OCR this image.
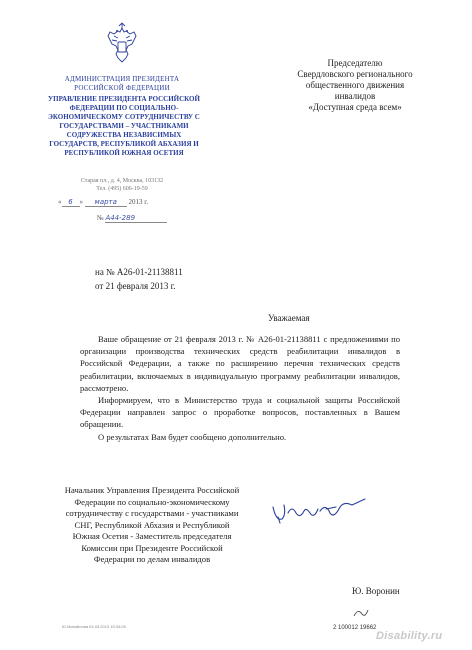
АДМИНИСТРАЦИЯ ПРЕЗИДЕНТА РОССИЙСКОЙ ФЕДЕРАЦИИ
УПРАВЛЕНИЕ ПРЕЗИДЕНТА РОССИЙСКОЙ ФЕДЕРАЦИИ ПО СОЦИАЛЬНО-ЭКОНОМИЧЕСКОМУ СОТРУДНИЧЕСТВУ С ГОСУДАРСТВАМИ – УЧАСТНИКАМИ СОДРУЖЕСТВА НЕЗАВИСИМЫХ ГОСУДАРСТВ, РЕСПУБЛИКОЙ АБХАЗИЯ И РЕСПУБЛИКОЙ ЮЖНАЯ ОСЕТИЯ
Старая пл., д. 4, Москва, 103132
Тел. (495) 606-19-59
« 6 » марта 2013 г.
№ А44-289
Председателю
Свердловского регионального
общественного движения
инвалидов
«Доступная среда всем»
на № А26-01-21138811
от 21 февраля 2013 г.
Уважаемая

Ваше обращение от 21 февраля 2013 г. № А26-01-21138811 с предложениями по организации производства технических средств реабилитации инвалидов в Российской Федерации, а также по расширению перечня технических средств реабилитации, включаемых в индивидуальную программу реабилитации инвалидов, рассмотрено.

Информируем, что в Министерство труда и социальной защиты Российской Федерации направлен запрос о проработке вопросов, поставленных в Вашем обращении.

О результатах Вам будет сообщено дополнительно.

Начальник Управления Президента Российской Федерации по социально-экономическому сотрудничеству с государствами - участниками СНГ, Республикой Абхазия и Республикой Южная Осетия - Заместитель председателя Комиссии при Президенте Российской Федерации по делам инвалидов
Ю. Воронин
Ю.Михайлова 04.03.2013 15:34:05	2 100012 19662
Disability.ru
